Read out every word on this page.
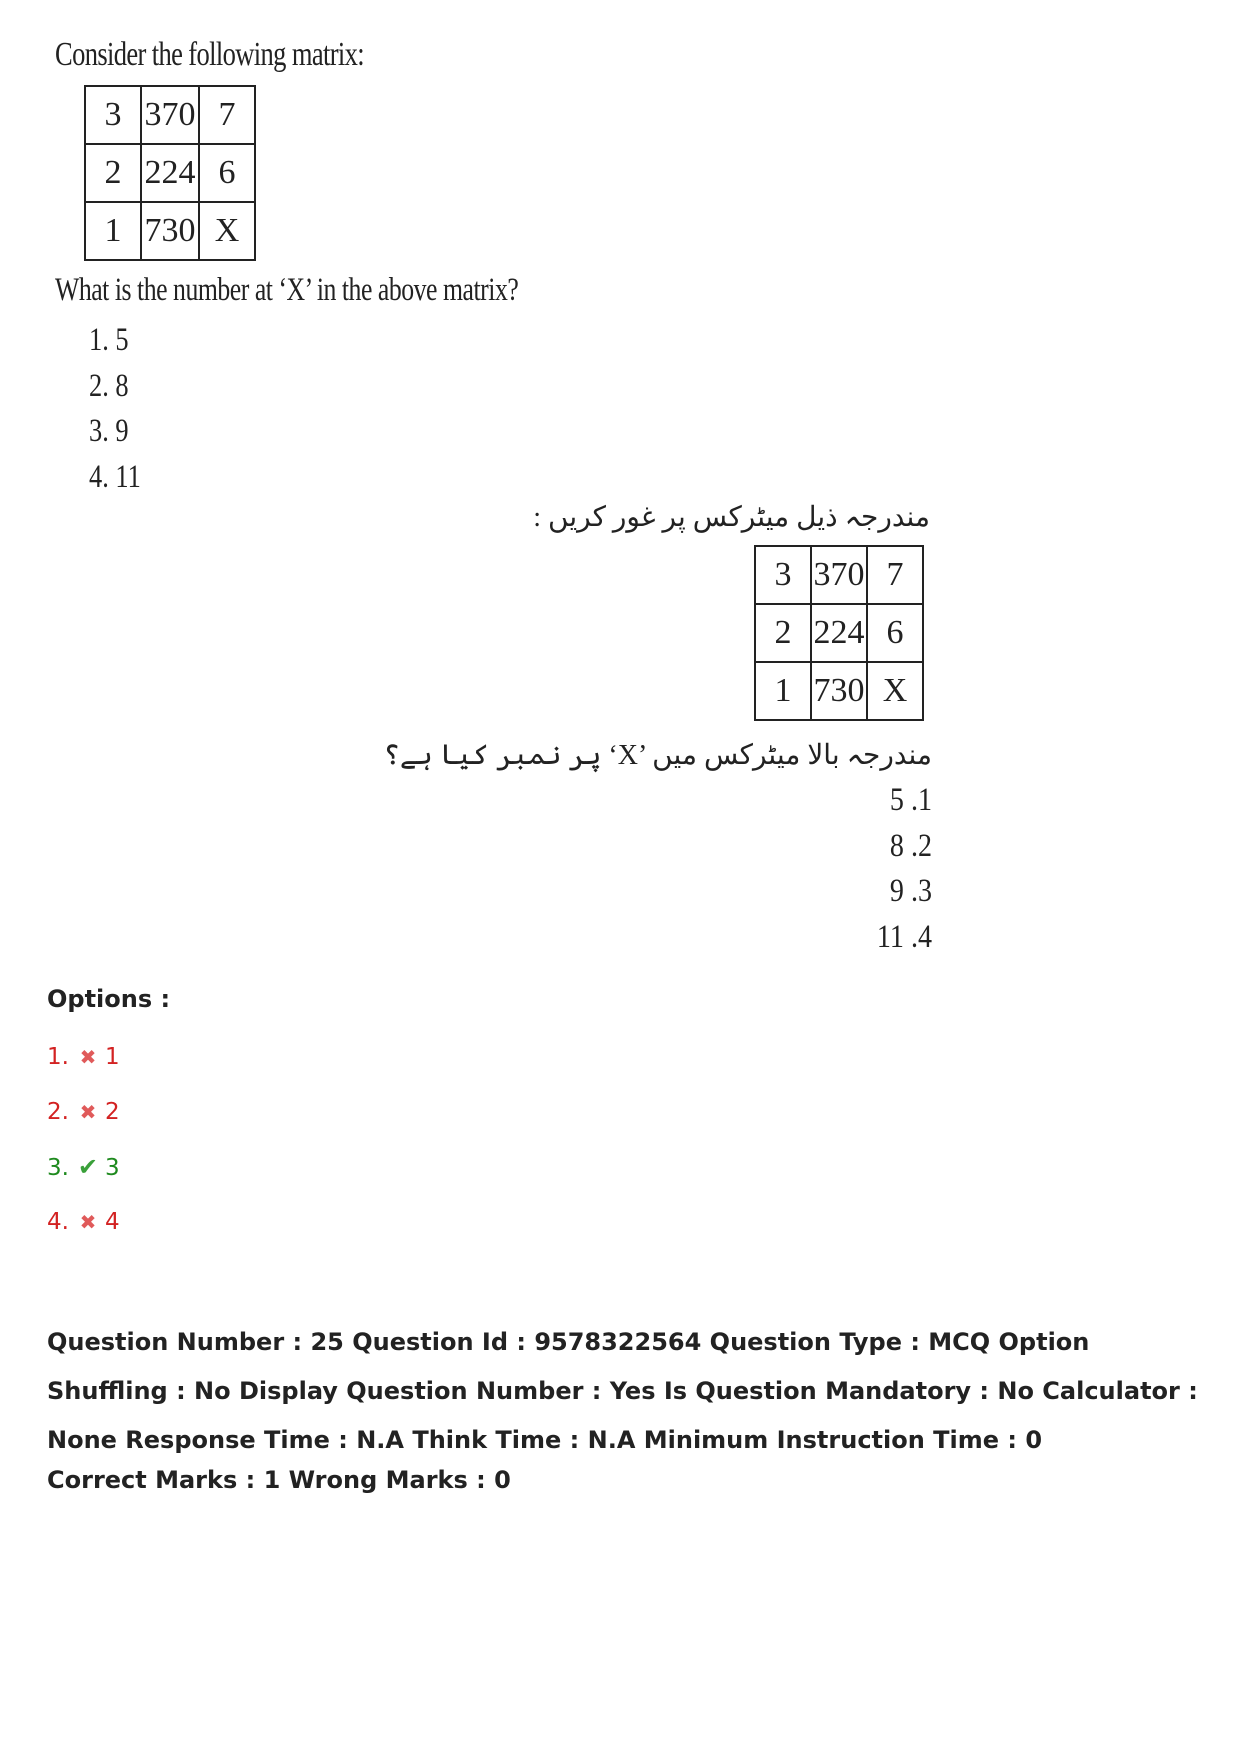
Consider the following matrix:
3	370	7
2	224	6
1	730	X
What is the number at ‘X’ in the above matrix?
1. 5
2. 8
3. 9
4. 11
مندرجہ ذیل میٹرکس پر غور کریں :
3	370	7
2	224	6
1	730	X
مندرجہ بالا میٹرکس میں ’X‘ پر نمبر کیا ہے؟
5 .1
8 .2
9 .3
11 .4
Options :
1. ✖ 1
2. ✖ 2
3. ✔ 3
4. ✖ 4
Question Number : 25 Question Id : 9578322564 Question Type : MCQ Option Shuffling : No Display Question Number : Yes Is Question Mandatory : No Calculator : None Response Time : N.A Think Time : N.A Minimum Instruction Time : 0
Correct Marks : 1 Wrong Marks : 0
